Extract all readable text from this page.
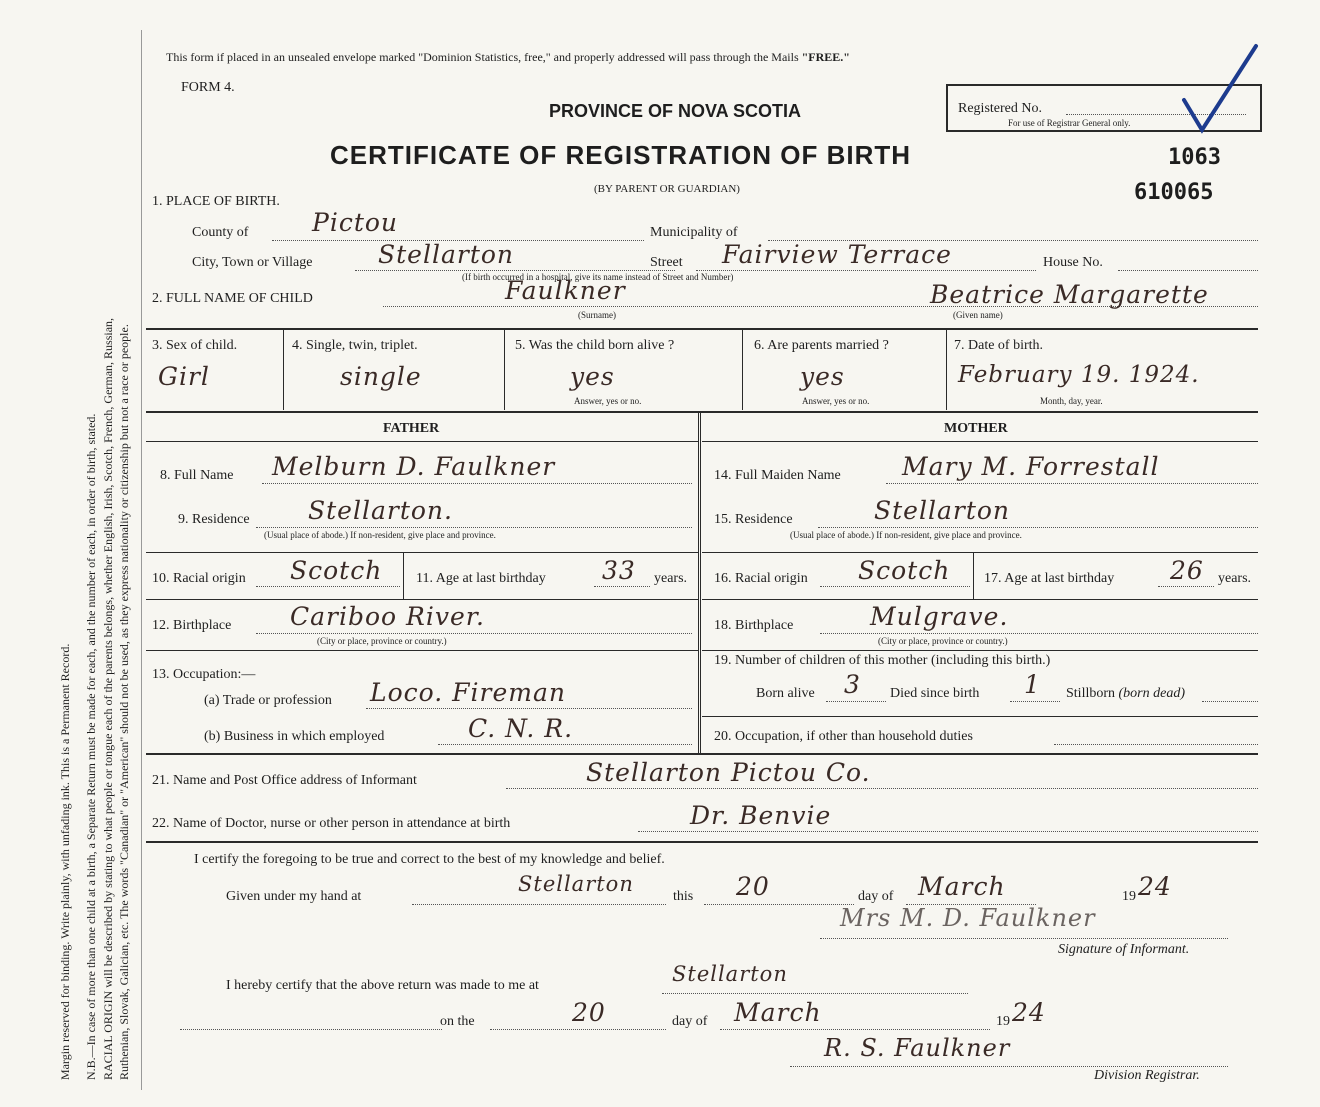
Margin reserved for binding. Write plainly, with unfading ink. This is a Permanent Record. N.B.—In case of more than one child at a birth, a Separate Return must be made for each, and the number of each, in order of birth, stated. RACIAL ORIGIN will be described by stating to what people or tongue each of the parents belongs, whether English, Irish, Scotch, French, German, Russian, Ruthenian, Slovak, Galician, etc. The words "Canadian" or "American" should not be used, as they express nationality or citizenship but not a race or people.
This form if placed in an unsealed envelope marked "Dominion Statistics, free," and properly addressed will pass through the Mails "FREE."
FORM 4.
PROVINCE OF NOVA SCOTIA
CERTIFICATE OF REGISTRATION OF BIRTH
(BY PARENT OR GUARDIAN)
Registered No.
For use of Registrar General only.
1063
610065
1. PLACE OF BIRTH.
County of	Pictou	Municipality of
City, Town or Village	Stellarton	Street Fairview Terrace	House No.
(If birth occurred in a hospital, give its name instead of Street and Number)
2. FULL NAME OF CHILD	Faulkner
(Surname)
Beatrice Margarette
(Given name)
3. Sex of child.
Girl
4. Single, twin, triplet.
single
5. Was the child born alive ?
yes
Answer, yes or no.
6. Are parents married ?
yes
Answer, yes or no.
7. Date of birth.
February 19. 1924.
Month, day, year.
FATHER
8. Full Name Melburn D. Faulkner
9. Residence Stellarton.
(Usual place of abode.) If non-resident, give place and province.
10. Racial origin Scotch 11. Age at last birthday 33 years.
12. Birthplace Cariboo River.
(City or place, province or country.)
13. Occupation:—
(a) Trade or profession Loco. Fireman
(b) Business in which employed	C. N. R.
MOTHER
14. Full Maiden Name Mary M. Forrestall
15. Residence	Stellarton
(Usual place of abode.) If non-resident, give place and province.
16. Racial origin Scotch 17. Age at last birthday 26 years.
18. Birthplace	Mulgrave.
(City or place, province or country.)
19. Number of children of this mother (including this birth.)
Born alive 3 Died since birth 1 Stillborn (born dead)
20. Occupation, if other than household duties
21. Name and Post Office address of Informant	Stellarton Pictou Co.
22. Name of Doctor, nurse or other person in attendance at birth	Dr. Benvie
I certify the foregoing to be true and correct to the best of my knowledge and belief.
Given under my hand at
Stellarton
this 20	day of March	19 24
Mrs M. D. Faulkner
Signature of Informant.
I hereby certify that the above return was made to me at	Stellarton
on the	20	day of March	19 24
R. S. Faulkner
Division Registrar.
